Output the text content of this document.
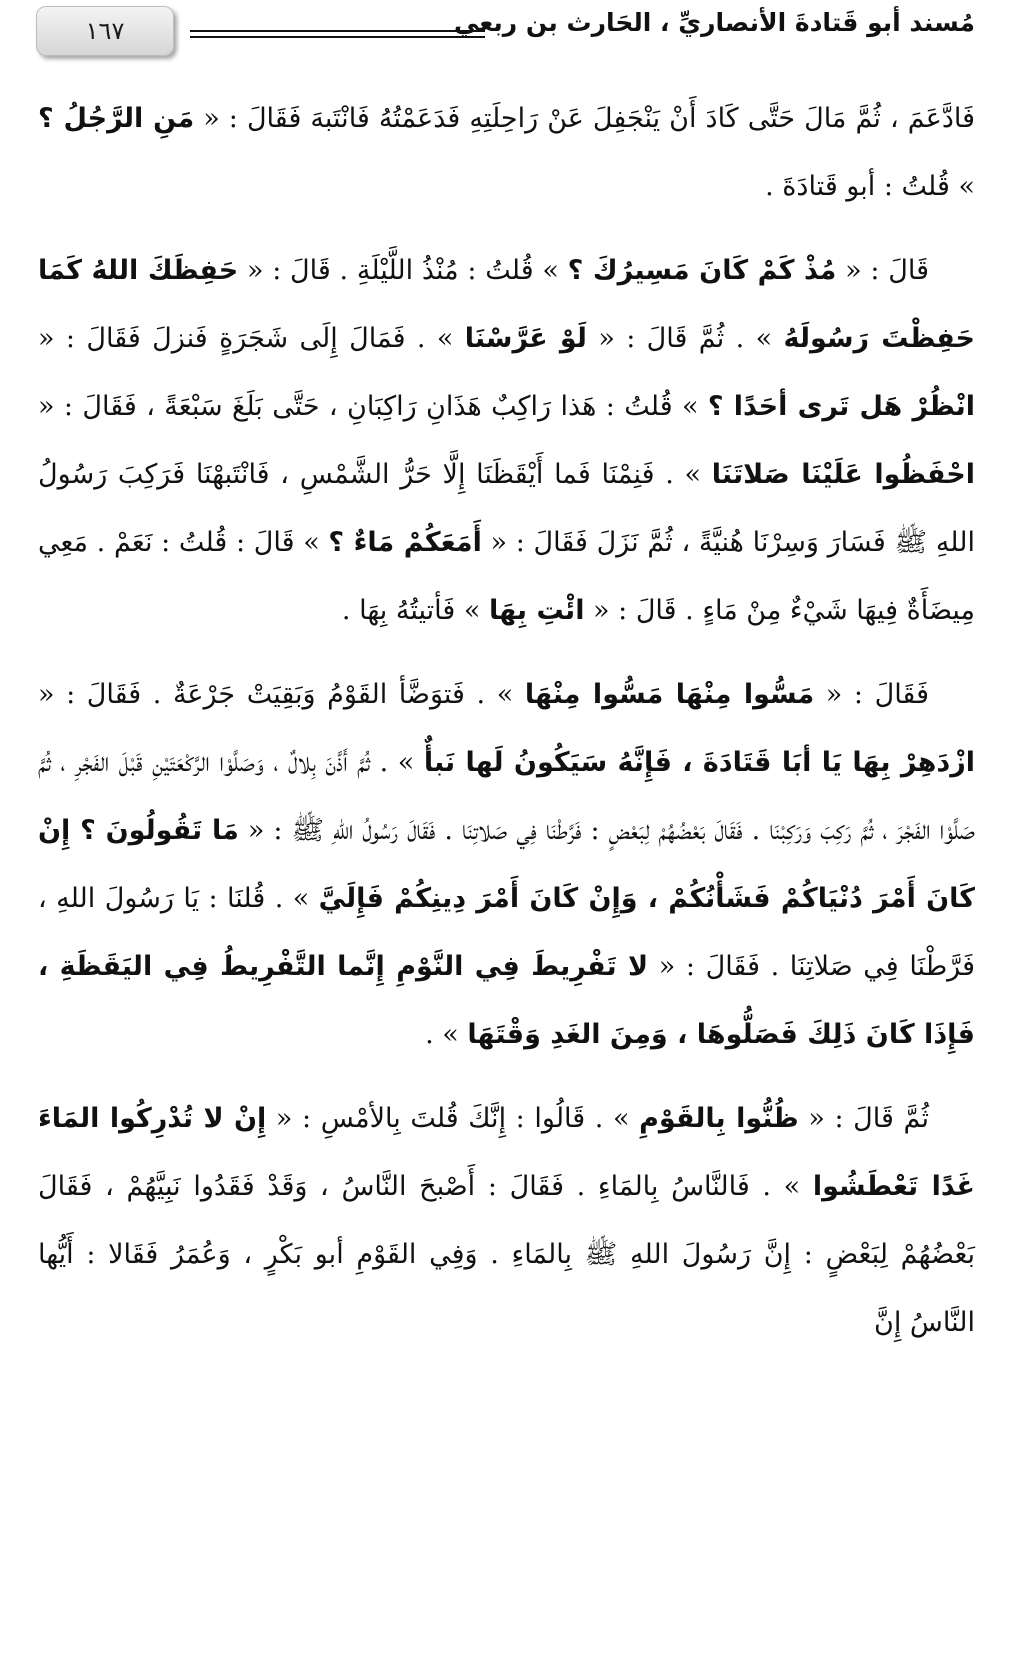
١٦٧	مُسند أبو قَتادةَ الأنصاريِّ ، الحَارث بن ربعي

فَادَّعَمَ ، ثُمَّ مَالَ حَتَّى كَادَ أَنْ يَنْجَفِلَ عَنْ رَاحِلَتِهِ فَدَعَمْتُهُ فَانْتَبهَ فَقَالَ : « مَنِ الرَّجُلُ ؟ » قُلتُ : أبو قَتادَةَ .

قَالَ : « مُذْ كَمْ كَانَ مَسِيرُكَ ؟ » قُلتُ : مُنْذُ اللَّيْلَةِ . قَالَ : « حَفِظَكَ اللهُ كَمَا حَفِظْتَ رَسُولَهُ » . ثُمَّ قَالَ : « لَوْ عَرَّسْنَا » . فَمَالَ إِلَى شَجَرَةٍ فَنزلَ فَقَالَ : « انْظُرْ هَل تَرى أحَدًا ؟ » قُلتُ : هَذا رَاكِبٌ هَذَانِ رَاكِبَانِ ، حَتَّى بَلَغَ سَبْعَةً ، فَقَالَ : « احْفَظُوا عَلَيْنَا صَلاتَنَا » . فَنِمْنَا فَما أَيْقَظَنَا إِلَّا حَرُّ الشَّمْسِ ، فَانْتَبهْنَا فَرَكِبَ رَسُولُ اللهِ ﷺ فَسَارَ وَسِرْنَا هُنيَّةً ، ثُمَّ نَزَلَ فَقَالَ : « أَمَعَكُمْ مَاءٌ ؟ » قَالَ : قُلتُ : نَعَمْ . مَعِي مِيضَأَةٌ فِيهَا شَيْءٌ مِنْ مَاءٍ . قَالَ : « ائْتِ بِهَا » فَأتيتُهُ بِهَا .

فَقَالَ : « مَسُّوا مِنْهَا مَسُّوا مِنْهَا » . فَتوَضَّأ القَوْمُ وَبَقِيَتْ جَرْعَةٌ . فَقَالَ : « ازْدَهِرْ بِهَا يَا أبَا قَتَادَةَ ، فَإِنَّهُ سَيَكُونُ لَها نَبأٌ » . ثُمَّ أَذَّنَ بِلالٌ ، وَصَلَّوْا الرَّكْعَتَيْنِ قَبْلَ الفَجْرِ ، ثُمَّ صَلَّوْا الفَجْرَ ، ثُمَّ رَكِبَ وَرَكِبْنَا . فَقَالَ بَعْضُهُمْ لِبَعْضٍ : فَرَّطْنَا فِي صَلاتِنَا . فَقَالَ رَسُولُ اللهِ ﷺ : « مَا تَقُولُونَ ؟ إِنْ كَانَ أَمْرَ دُنْيَاكُمْ فَشَأْنُكُمْ ، وَإِنْ كَانَ أَمْرَ دِينِكُمْ فَإِلَيَّ » . قُلنَا : يَا رَسُولَ اللهِ ، فَرَّطْنَا فِي صَلاتِنَا . فَقَالَ : « لا تَفْرِيطَ فِي النَّوْمِ إِنَّما التَّفْرِيطُ فِي اليَقَظَةِ ، فَإِذَا كَانَ ذَلِكَ فَصَلُّوهَا ، وَمِنَ الغَدِ وَقْتَهَا » .

ثُمَّ قَالَ : « ظُنُّوا بِالقَوْمِ » . قَالُوا : إِنَّكَ قُلتَ بِالأمْسِ : « إِنْ لا تُدْرِكُوا المَاءَ غَدًا تَعْطَشُوا » . فَالنَّاسُ بِالمَاءِ . فَقَالَ : أَصْبحَ النَّاسُ ، وَقَدْ فَقَدُوا نَبِيَّهُمْ ، فَقَالَ بَعْضُهُمْ لِبَعْضٍ : إِنَّ رَسُولَ اللهِ ﷺ بِالمَاءِ . وَفِي القَوْمِ أبو بَكْرٍ ، وَعُمَرُ فَقَالا : أَيُّها النَّاسُ إِنَّ
